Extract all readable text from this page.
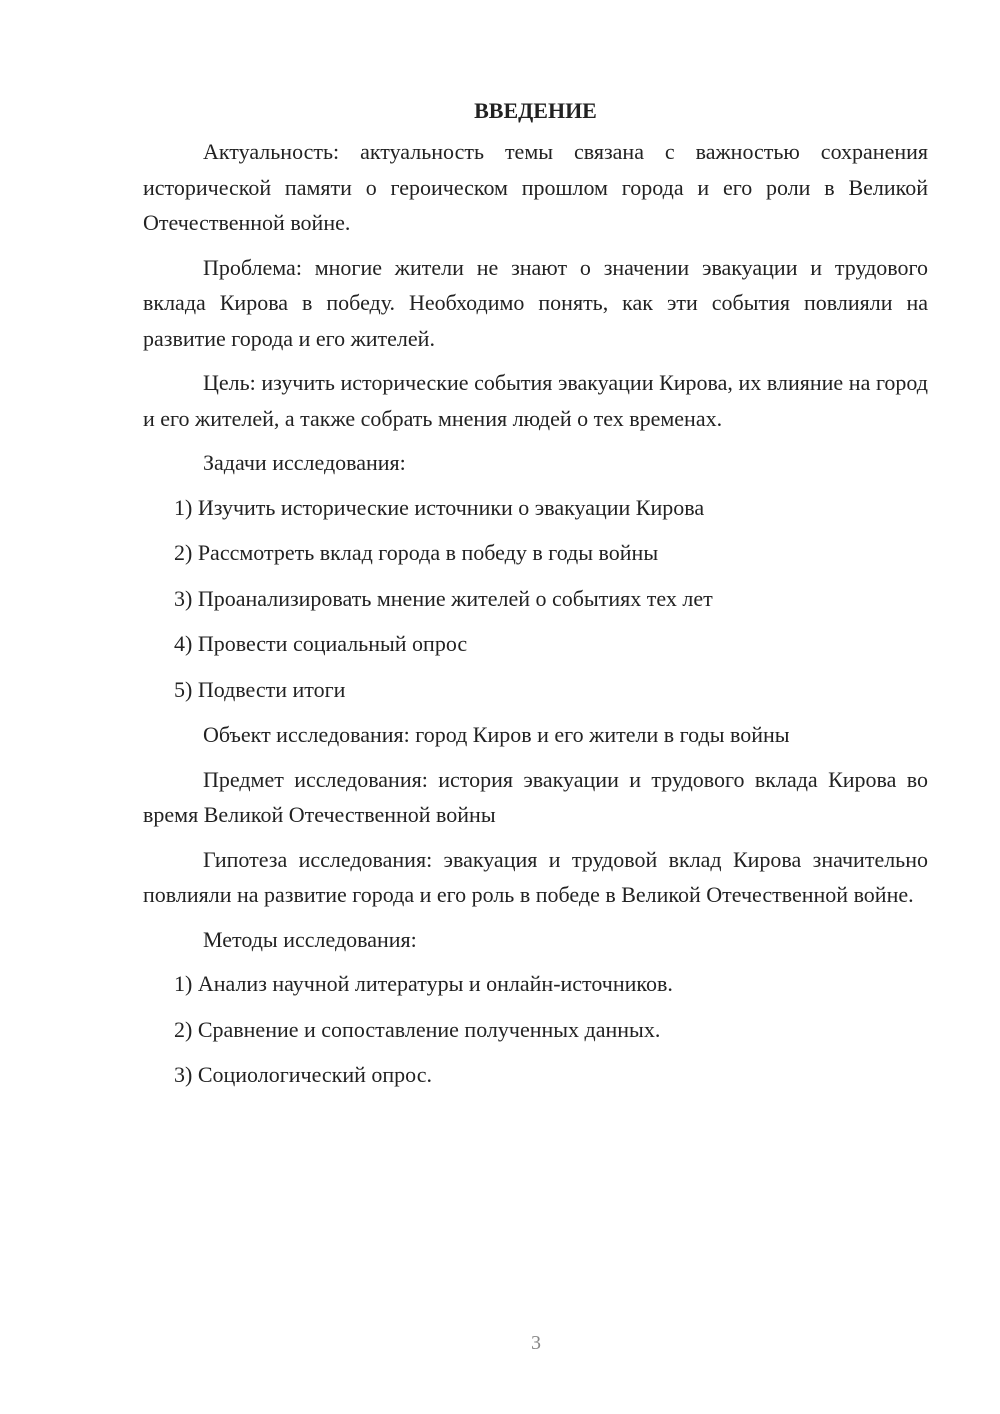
ВВЕДЕНИЕ

Актуальность: актуальность темы связана с важностью сохранения исторической памяти о героическом прошлом города и его роли в Великой Отечественной войне.

Проблема: многие жители не знают о значении эвакуации и трудового вклада Кирова в победу. Необходимо понять, как эти события повлияли на развитие города и его жителей.

Цель: изучить исторические события эвакуации Кирова, их влияние на город и его жителей, а также собрать мнения людей о тех временах.

Задачи исследования:

1) Изучить исторические источники о эвакуации Кирова
2) Рассмотреть вклад города в победу в годы войны
3) Проанализировать мнение жителей о событиях тех лет
4) Провести социальный опрос
5) Подвести итоги

Объект исследования: город Киров и его жители в годы войны

Предмет исследования: история эвакуации и трудового вклада Кирова во время Великой Отечественной войны

Гипотеза исследования: эвакуация и трудовой вклад Кирова значительно повлияли на развитие города и его роль в победе в Великой Отечественной войне.

Методы исследования:

1) Анализ научной литературы и онлайн-источников.
2) Сравнение и сопоставление полученных данных.
3) Социологический опрос.
3
